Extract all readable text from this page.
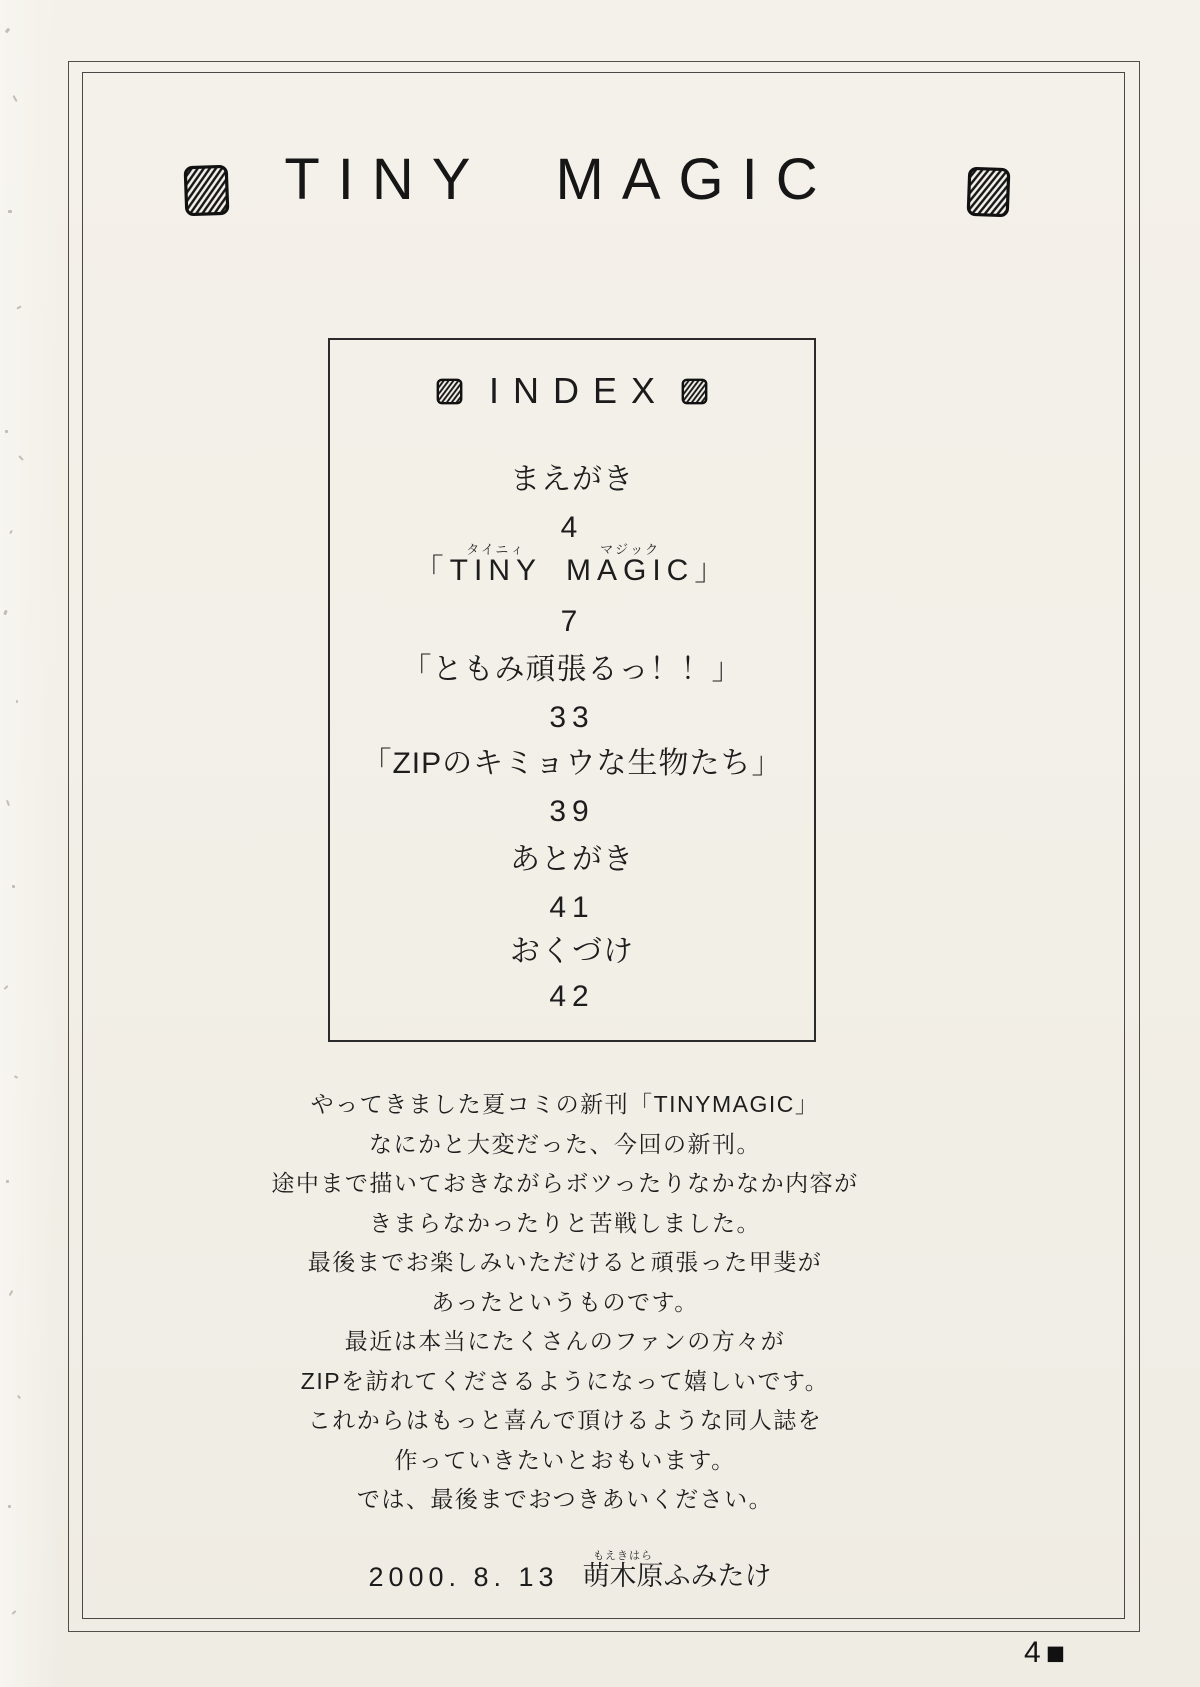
TINY MAGIC
INDEX
まえがき
4
「TINYタイニィMAGICマジック」
7
「ともみ頑張るっ！！」
33
「ZIPのキミョウな生物たち」
39
あとがき
41
おくづけ
42
やってきました夏コミの新刊「TINYMAGIC」
なにかと大変だった、今回の新刊。
途中まで描いておきながらボツったりなかなか内容が
きまらなかったりと苦戦しました。
最後までお楽しみいただけると頑張った甲斐が
あったというものです。
最近は本当にたくさんのファンの方々が
ZIPを訪れてくださるようになって嬉しいです。
これからはもっと喜んで頂けるような同人誌を
作っていきたいとおもいます。
では、最後までおつきあいください。
2000. 8. 13 萌木原もえきはらふみたけ
4 ■
